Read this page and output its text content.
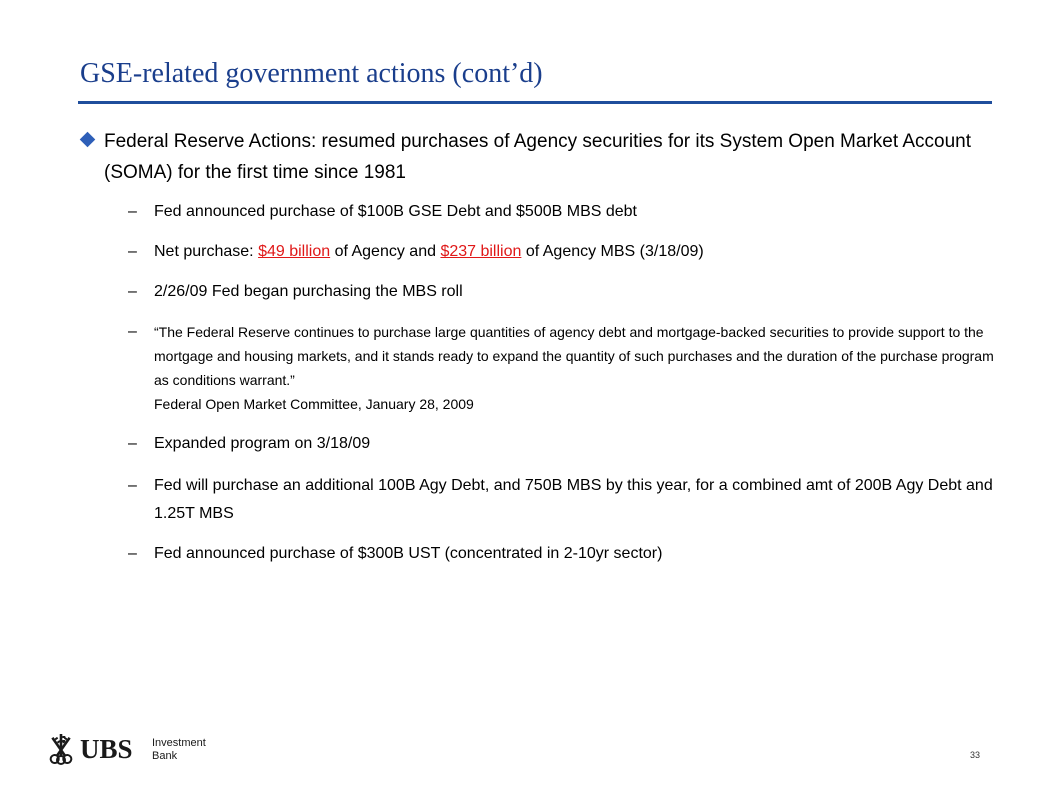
GSE-related government actions (cont’d)
Federal Reserve Actions: resumed purchases of Agency securities for its System Open Market Account (SOMA) for the first time since 1981
– Fed announced purchase of $100B GSE Debt and $500B MBS debt
– Net purchase: $49 billion of Agency and $237 billion of Agency MBS (3/18/09)
– 2/26/09 Fed began purchasing the MBS roll
– “The Federal Reserve continues to purchase large quantities of agency debt and mortgage-backed securities to provide support to the mortgage and housing markets, and it stands ready to expand the quantity of such purchases and the duration of the purchase program as conditions warrant.”
Federal Open Market Committee, January 28, 2009
– Expanded program on 3/18/09
– Fed will purchase an additional 100B Agy Debt, and 750B MBS by this year, for a combined amt of 200B Agy Debt and 1.25T MBS
– Fed announced purchase of $300B UST (concentrated in 2-10yr sector)
UBS Investment
Bank	33
